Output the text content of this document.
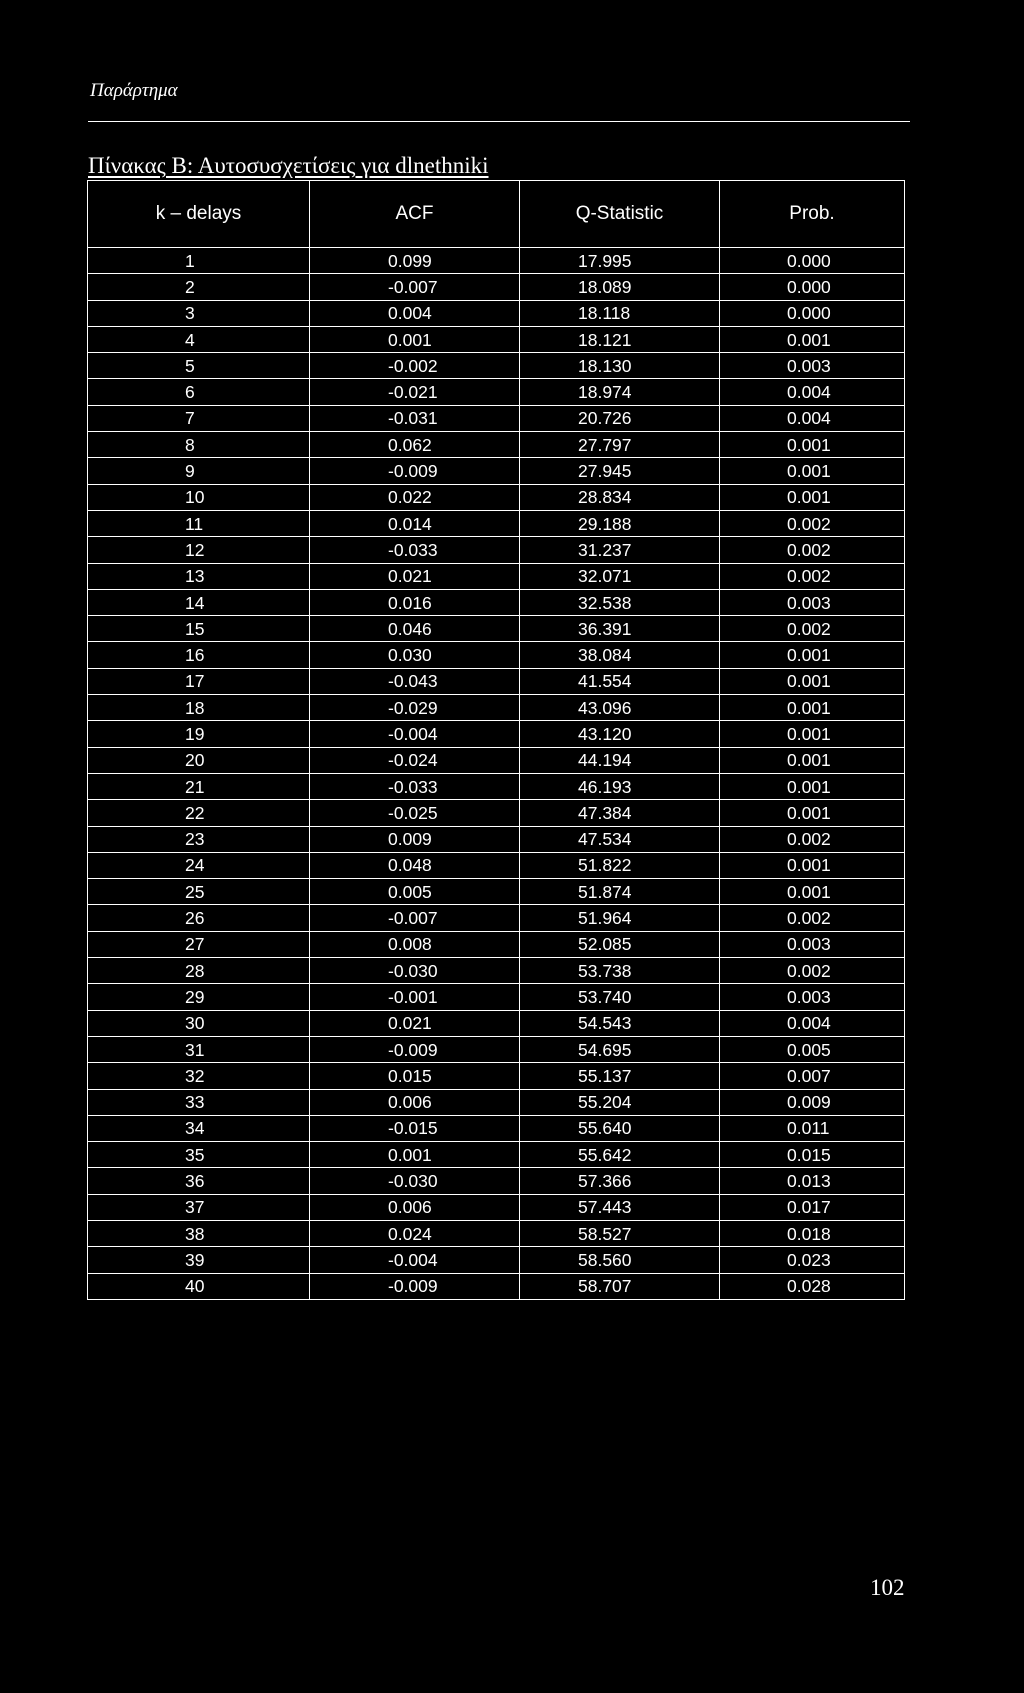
Παράρτημα
Πίνακας Β: Αυτοσυσχετίσεις για dlnethniki
k – delays	ACF	Q-Statistic	Prob.
1	0.099	17.995	0.000
2	-0.007	18.089	0.000
3	0.004	18.118	0.000
4	0.001	18.121	0.001
5	-0.002	18.130	0.003
6	-0.021	18.974	0.004
7	-0.031	20.726	0.004
8	0.062	27.797	0.001
9	-0.009	27.945	0.001
10	0.022	28.834	0.001
11	0.014	29.188	0.002
12	-0.033	31.237	0.002
13	0.021	32.071	0.002
14	0.016	32.538	0.003
15	0.046	36.391	0.002
16	0.030	38.084	0.001
17	-0.043	41.554	0.001
18	-0.029	43.096	0.001
19	-0.004	43.120	0.001
20	-0.024	44.194	0.001
21	-0.033	46.193	0.001
22	-0.025	47.384	0.001
23	0.009	47.534	0.002
24	0.048	51.822	0.001
25	0.005	51.874	0.001
26	-0.007	51.964	0.002
27	0.008	52.085	0.003
28	-0.030	53.738	0.002
29	-0.001	53.740	0.003
30	0.021	54.543	0.004
31	-0.009	54.695	0.005
32	0.015	55.137	0.007
33	0.006	55.204	0.009
34	-0.015	55.640	0.011
35	0.001	55.642	0.015
36	-0.030	57.366	0.013
37	0.006	57.443	0.017
38	0.024	58.527	0.018
39	-0.004	58.560	0.023
40	-0.009	58.707	0.028
102
